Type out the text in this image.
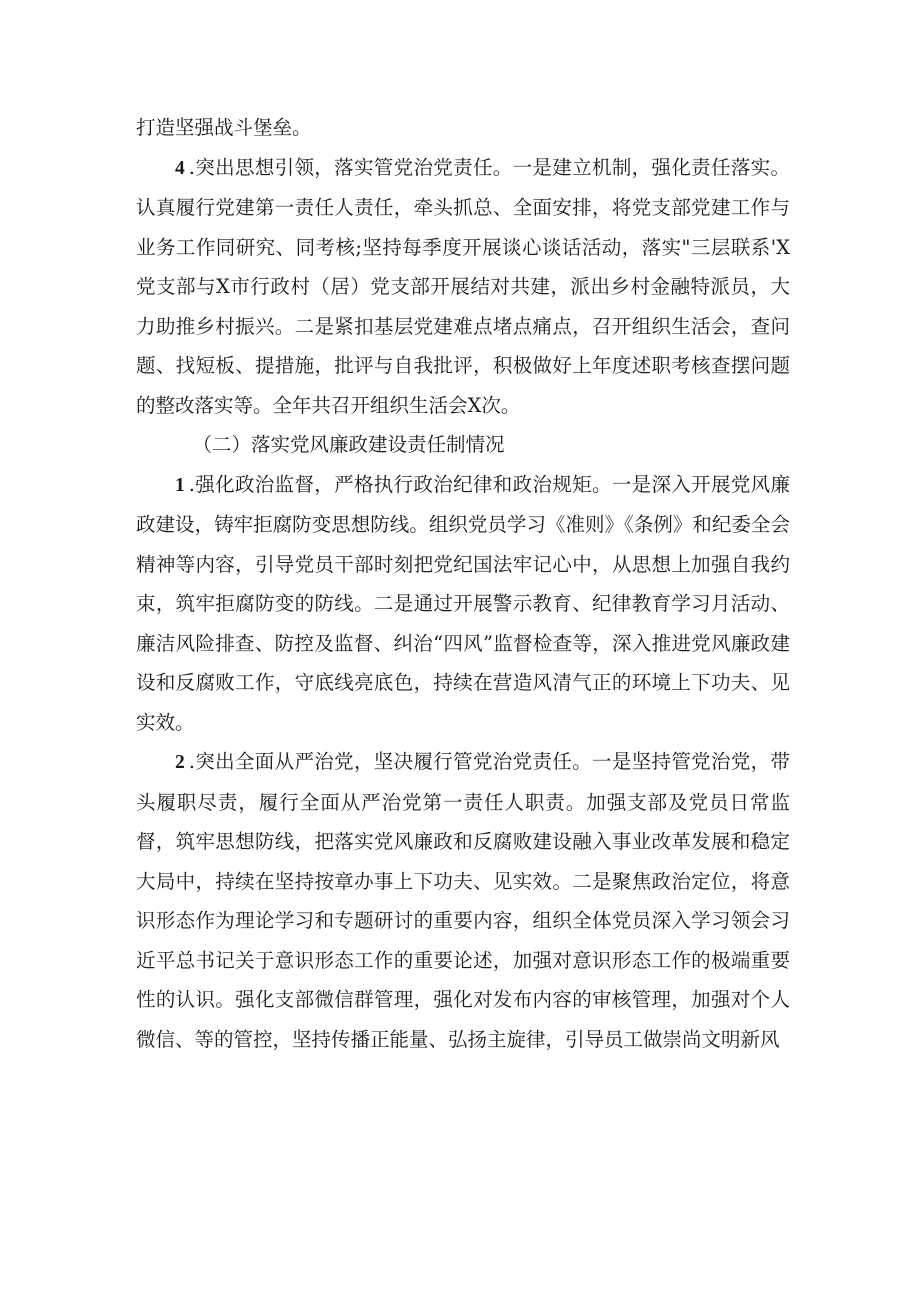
打造坚强战斗堡垒。

4 .突出思想引领，落实管党治党责任。一是建立机制，强化责任落实。认真履行党建第一责任人责任，牵头抓总、全面安排，将党支部党建工作与业务工作同研究、同考核;坚持每季度开展谈心谈话活动，落实"三层联系'X党支部与X市行政村（居）党支部开展结对共建，派出乡村金融特派员，大力助推乡村振兴。二是紧扣基层党建难点堵点痛点，召开组织生活会，查问题、找短板、提措施，批评与自我批评，积极做好上年度述职考核查摆问题的整改落实等。全年共召开组织生活会X次。

（二）落实党风廉政建设责任制情况

1 .强化政治监督，严格执行政治纪律和政治规矩。一是深入开展党风廉政建设，铸牢拒腐防变思想防线。组织党员学习《准则》《条例》和纪委全会精神等内容，引导党员干部时刻把党纪国法牢记心中，从思想上加强自我约束，筑牢拒腐防变的防线。二是通过开展警示教育、纪律教育学习月活动、廉洁风险排查、防控及监督、纠治“四风”监督检查等，深入推进党风廉政建设和反腐败工作，守底线亮底色，持续在营造风清气正的环境上下功夫、见实效。

2 .突出全面从严治党，坚决履行管党治党责任。一是坚持管党治党，带头履职尽责，履行全面从严治党第一责任人职责。加强支部及党员日常监督，筑牢思想防线，把落实党风廉政和反腐败建设融入事业改革发展和稳定大局中，持续在坚持按章办事上下功夫、见实效。二是聚焦政治定位，将意识形态作为理论学习和专题研讨的重要内容，组织全体党员深入学习领会习近平总书记关于意识形态工作的重要论述，加强对意识形态工作的极端重要性的认识。强化支部微信群管理，强化对发布内容的审核管理，加强对个人微信、等的管控，坚持传播正能量、弘扬主旋律，引导员工做崇尚文明新风
